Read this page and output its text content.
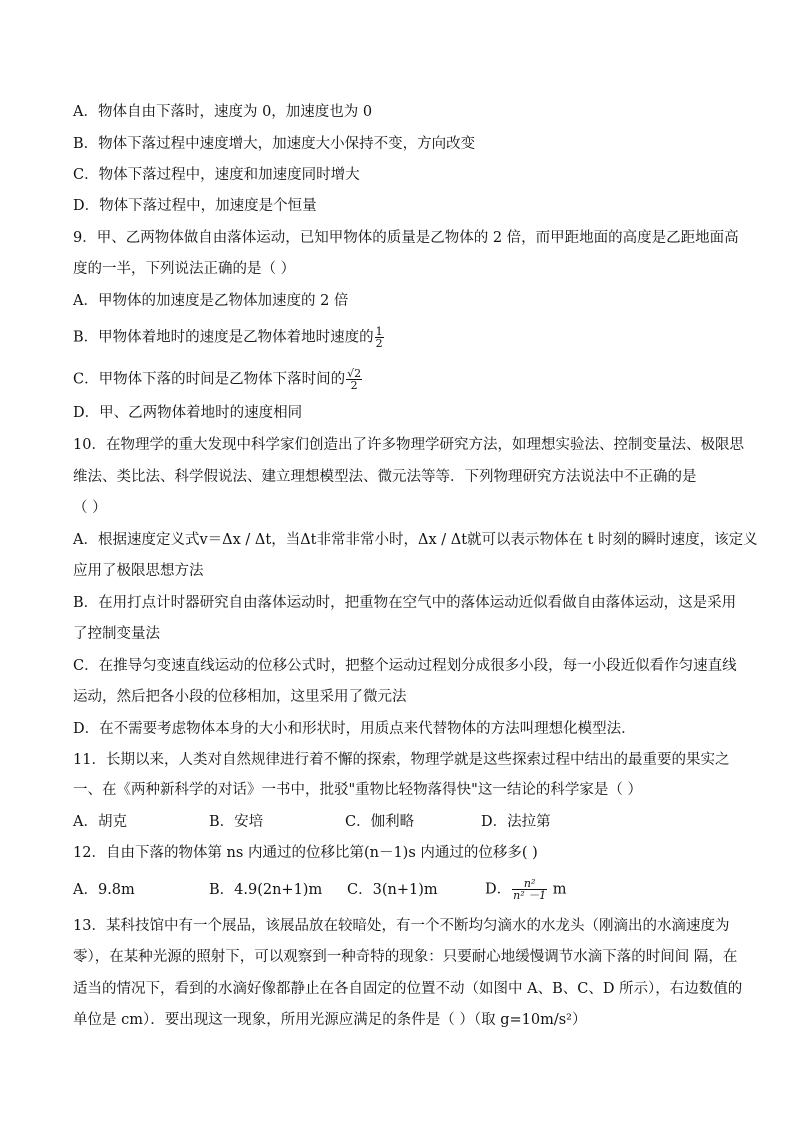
A．物体自由下落时，速度为 0，加速度也为 0
B．物体下落过程中速度增大，加速度大小保持不变，方向改变
C．物体下落过程中，速度和加速度同时增大
D．物体下落过程中，加速度是个恒量
9．甲、乙两物体做自由落体运动，已知甲物体的质量是乙物体的 2 倍，而甲距地面的高度是乙距地面高
度的一半，下列说法正确的是（ ）
A．甲物体的加速度是乙物体加速度的 2 倍
B．甲物体着地时的速度是乙物体着地时速度的 $\frac{1}{2}$
C．甲物体下落的时间是乙物体下落时间的 $\frac{√2}{2}$
D．甲、乙两物体着地时的速度相同
10．在物理学的重大发现中科学家们创造出了许多物理学研究方法，如理想实验法、控制变量法、极限思
维法、类比法、科学假说法、建立理想模型法、微元法等等．下列物理研究方法说法中不正确的是
（ ）
A．根据速度定义式v＝Δx / Δt，当Δt非常非常小时，Δx / Δt就可以表示物体在 t 时刻的瞬时速度，该定义
应用了极限思想方法
B．在用打点计时器研究自由落体运动时，把重物在空气中的落体运动近似看做自由落体运动，这是采用
了控制变量法
C．在推导匀变速直线运动的位移公式时，把整个运动过程划分成很多小段，每一小段近似看作匀速直线
运动，然后把各小段的位移相加，这里采用了微元法
D．在不需要考虑物体本身的大小和形状时，用质点来代替物体的方法叫理想化模型法．
11．长期以来，人类对自然规律进行着不懈的探索，物理学就是这些探索过程中结出的最重要的果实之
一、在《两种新科学的对话》一书中，批驳"重物比轻物落得快"这一结论的科学家是（ ）
A．胡克	B．安培	C．伽利略	D．法拉第
12．自由下落的物体第 ns 内通过的位移比第(n－1)s 内通过的位移多( )
A．9.8m	B．4.9(2n+1)m C．3(n+1)m	D． $\frac{\text{n²}}{\text{n² －1}}$ m
13．某科技馆中有一个展品，该展品放在较暗处，有一个不断均匀滴水的水龙头（刚滴出的水滴速度为
零），在某种光源的照射下，可以观察到一种奇特的现象：只要耐心地缓慢调节水滴下落的时间间 隔，在
适当的情况下，看到的水滴好像都静止在各自固定的位置不动（如图中 A、B、C、D 所示），右边数值的
单位是 cm）．要出现这一现象，所用光源应满足的条件是（ ）（取 g=10m/s²）
